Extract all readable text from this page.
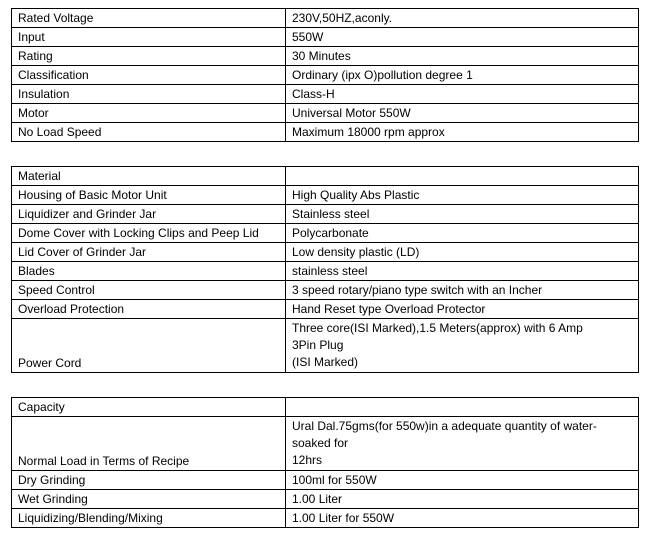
Rated Voltage	230V,50HZ,aconly.
Input	550W
Rating	30 Minutes
Classification	Ordinary (ipx O)pollution degree 1
Insulation	Class-H
Motor	Universal Motor 550W
No Load Speed	Maximum 18000 rpm approx
Material	
Housing of Basic Motor Unit	High Quality Abs Plastic
Liquidizer and Grinder Jar	Stainless steel
Dome Cover with Locking Clips and Peep Lid	Polycarbonate
Lid Cover of Grinder Jar	Low density plastic (LD)
Blades	stainless steel
Speed Control	3 speed rotary/piano type switch with an Incher
Overload Protection	Hand Reset type Overload Protector
Power Cord	Three core(ISI Marked),1.5 Meters(approx) with 6 Amp
3Pin Plug
(ISI Marked)
Capacity	
Normal Load in Terms of Recipe	Ural Dal.75gms(for 550w)in a adequate quantity of water-
soaked for
12hrs

Dry Grinding	100ml for 550W
Wet Grinding	1.00 Liter
Liquidizing/Blending/Mixing	1.00 Liter for 550W
